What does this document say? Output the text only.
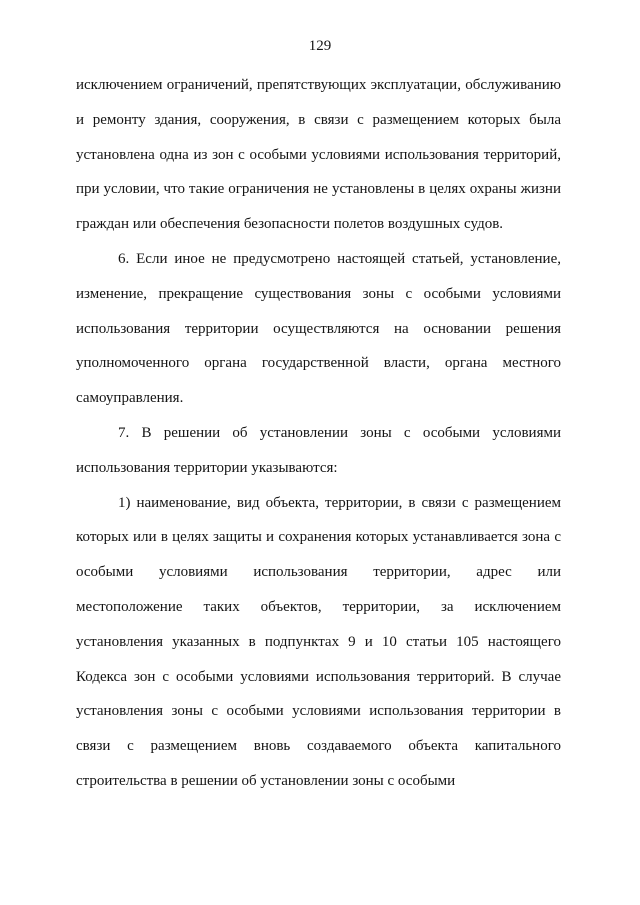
129

исключением ограничений, препятствующих эксплуатации, обслуживанию и ремонту здания, сооружения, в связи с размещением которых была установлена одна из зон с особыми условиями использования территорий, при условии, что такие ограничения не установлены в целях охраны жизни граждан или обеспечения безопасности полетов воздушных судов.

6. Если иное не предусмотрено настоящей статьей, установление, изменение, прекращение существования зоны с особыми условиями использования территории осуществляются на основании решения уполномоченного органа государственной власти, органа местного самоуправления.

7. В решении об установлении зоны с особыми условиями использования территории указываются:

1) наименование, вид объекта, территории, в связи с размещением которых или в целях защиты и сохранения которых устанавливается зона с особыми условиями использования территории, адрес или местоположение таких объектов, территории, за исключением установления указанных в подпунктах 9 и 10 статьи 105 настоящего Кодекса зон с особыми условиями использования территорий. В случае установления зоны с особыми условиями использования территории в связи с размещением вновь создаваемого объекта капитального строительства в решении об установлении зоны с особыми
